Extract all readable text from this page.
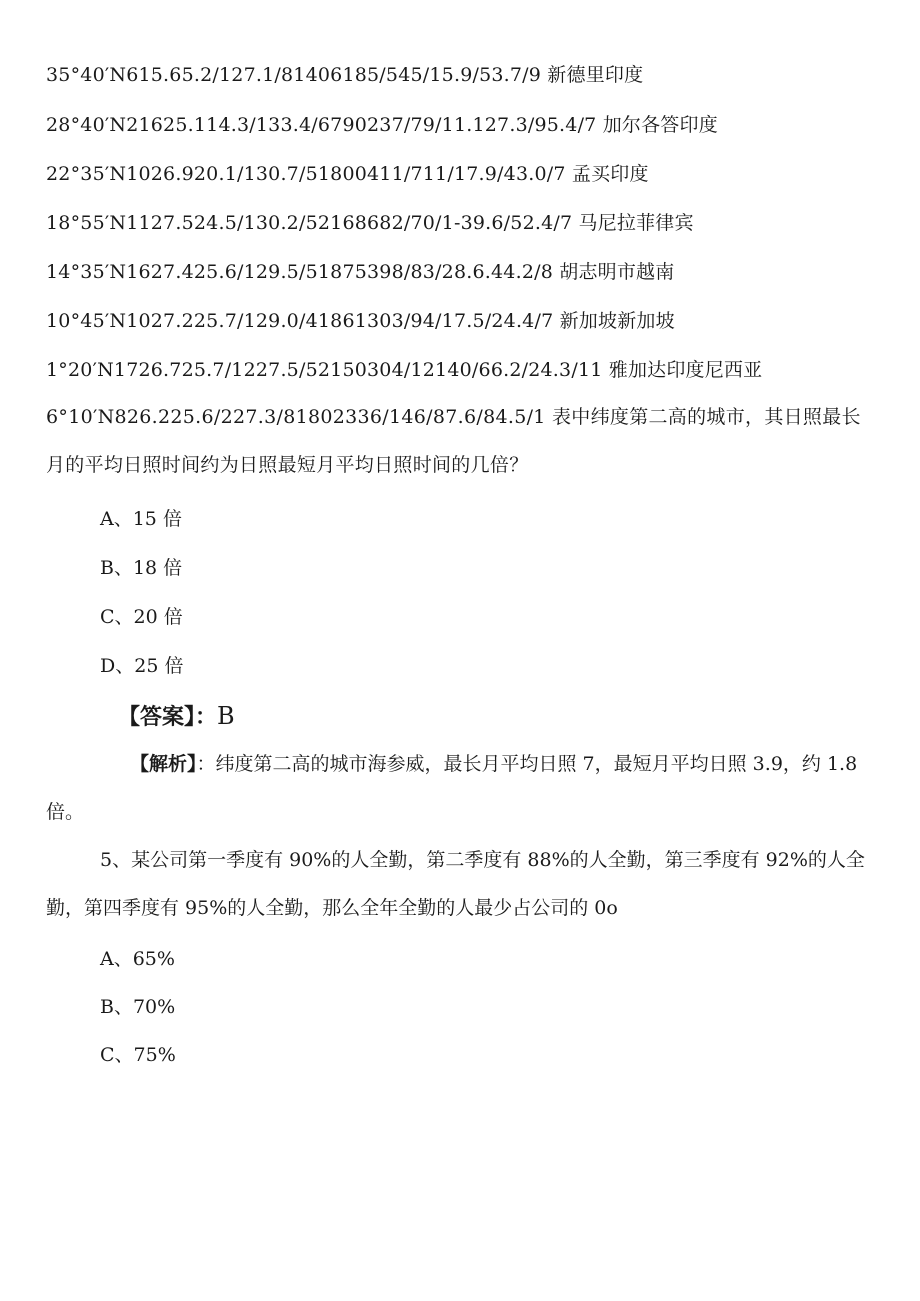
35°40′N615.65.2/127.1/81406185/545/15.9/53.7/9 新德里印度
28°40′N21625.114.3/133.4/6790237/79/11.127.3/95.4/7 加尔各答印度
22°35′N1026.920.1/130.7/51800411/711/17.9/43.0/7 孟买印度
18°55′N1127.524.5/130.2/52168682/70/1-39.6/52.4/7 马尼拉菲律宾
14°35′N1627.425.6/129.5/51875398/83/28.6.44.2/8 胡志明市越南
10°45′N1027.225.7/129.0/41861303/94/17.5/24.4/7 新加坡新加坡
1°20′N1726.725.7/1227.5/52150304/12140/66.2/24.3/11 雅加达印度尼西亚
6°10′N826.225.6/227.3/81802336/146/87.6/84.5/1 表中纬度第二高的城市，其日照最长月的平均日照时间约为日照最短月平均日照时间的几倍？
A、15 倍
B、18 倍
C、20 倍
D、25 倍
【答案】：B
【解析】：纬度第二高的城市海参威，最长月平均日照 7，最短月平均日照 3.9，约 1.8 倍。
5、某公司第一季度有 90%的人全勤，第二季度有 88%的人全勤，第三季度有 92%的人全勤，第四季度有 95%的人全勤，那么全年全勤的人最少占公司的 0o
A、65%
B、70%
C、75%
